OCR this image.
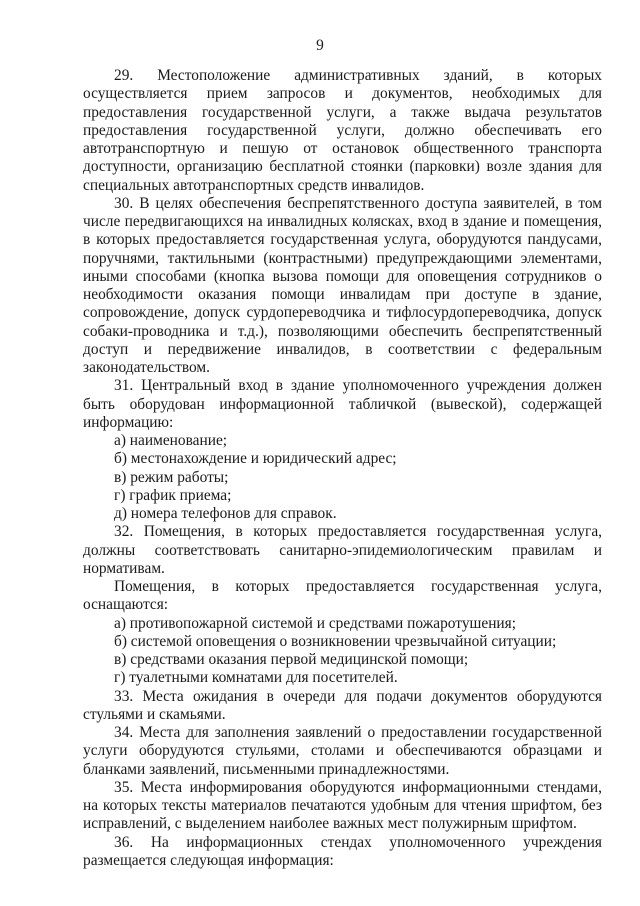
9

29. Местоположение административных зданий, в которых осуществляется прием запросов и документов, необходимых для предоставления государственной услуги, а также выдача результатов предоставления государственной услуги, должно обеспечивать его автотранспортную и пешую от остановок общественного транспорта доступности, организацию бесплатной стоянки (парковки) возле здания для специальных автотранспортных средств инвалидов.

30. В целях обеспечения беспрепятственного доступа заявителей, в том числе передвигающихся на инвалидных колясках, вход в здание и помещения, в которых предоставляется государственная услуга, оборудуются пандусами, поручнями, тактильными (контрастными) предупреждающими элементами, иными способами (кнопка вызова помощи для оповещения сотрудников о необходимости оказания помощи инвалидам при доступе в здание, сопровождение, допуск сурдопереводчика и тифлосурдопереводчика, допуск собаки-проводника и т.д.), позволяющими обеспечить беспрепятственный доступ и передвижение инвалидов, в соответствии с федеральным законодательством.

31. Центральный вход в здание уполномоченного учреждения должен быть оборудован информационной табличкой (вывеской), содержащей информацию:

а) наименование;

б) местонахождение и юридический адрес;

в) режим работы;

г) график приема;

д) номера телефонов для справок.

32. Помещения, в которых предоставляется государственная услуга, должны соответствовать санитарно-эпидемиологическим правилам и нормативам.

Помещения, в которых предоставляется государственная услуга, оснащаются:

а) противопожарной системой и средствами пожаротушения;

б) системой оповещения о возникновении чрезвычайной ситуации;

в) средствами оказания первой медицинской помощи;

г) туалетными комнатами для посетителей.

33. Места ожидания в очереди для подачи документов оборудуются стульями и скамьями.

34. Места для заполнения заявлений о предоставлении государственной услуги оборудуются стульями, столами и обеспечиваются образцами и бланками заявлений, письменными принадлежностями.

35. Места информирования оборудуются информационными стендами, на которых тексты материалов печатаются удобным для чтения шрифтом, без исправлений, с выделением наиболее важных мест полужирным шрифтом.

36. На информационных стендах уполномоченного учреждения размещается следующая информация:
